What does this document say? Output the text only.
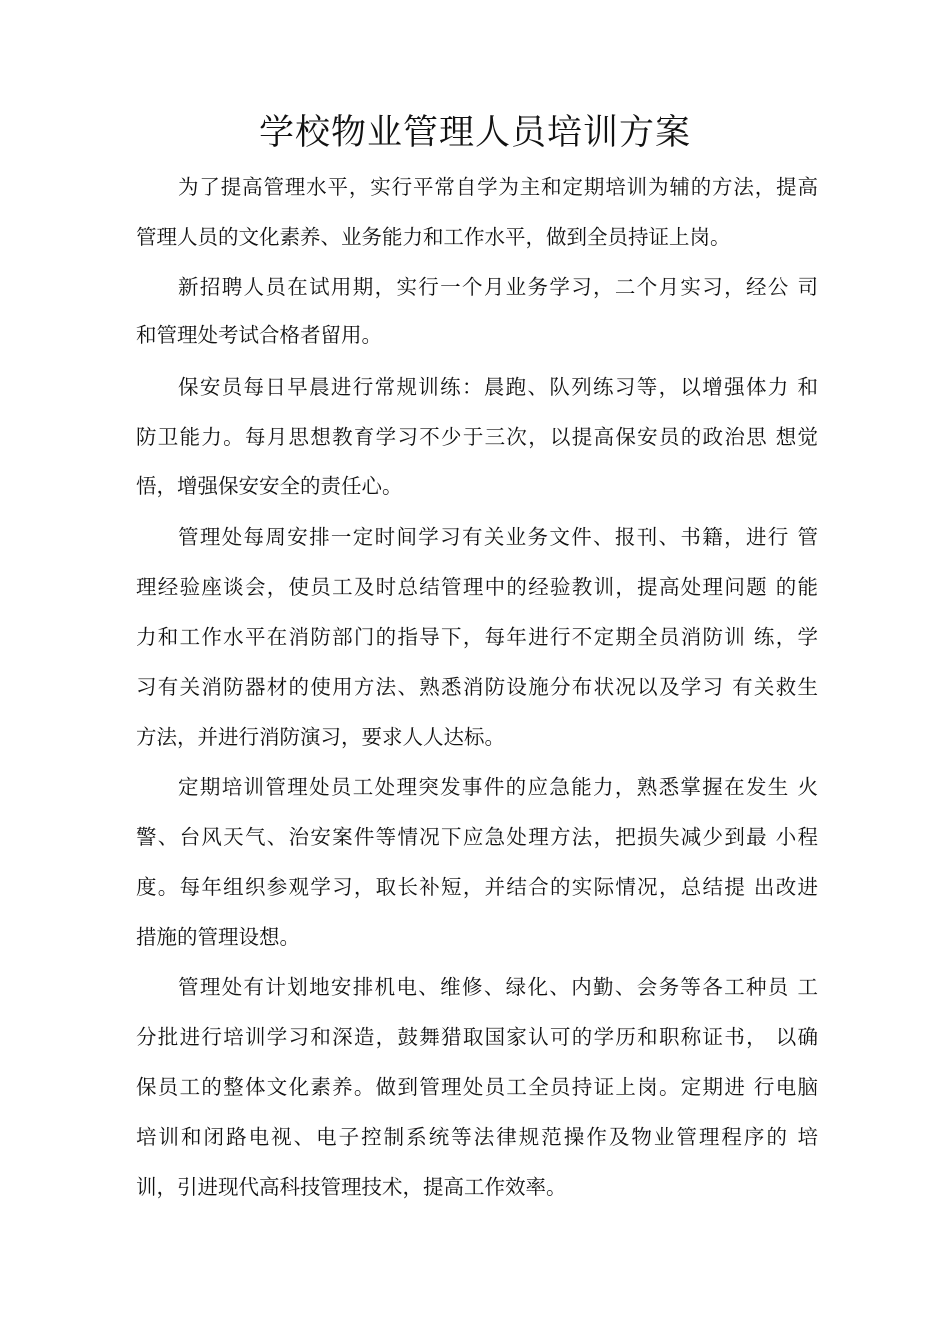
学校物业管理人员培训方案

为了提高管理水平，实行平常自学为主和定期培训为辅的方法，提高

管理人员的文化素养、业务能力和工作水平，做到全员持证上岗。

新招聘人员在试用期，实行一个月业务学习，二个月实习，经公 司

和管理处考试合格者留用。

保安员每日早晨进行常规训练：晨跑、队列练习等，以增强体力 和

防卫能力。每月思想教育学习不少于三次，以提高保安员的政治思 想觉

悟，增强保安安全的责任心。

管理处每周安排一定时间学习有关业务文件、报刊、书籍，进行 管

理经验座谈会，使员工及时总结管理中的经验教训，提高处理问题 的能

力和工作水平在消防部门的指导下，每年进行不定期全员消防训 练，学

习有关消防器材的使用方法、熟悉消防设施分布状况以及学习 有关救生

方法，并进行消防演习，要求人人达标。

定期培训管理处员工处理突发事件的应急能力，熟悉掌握在发生 火

警、台风天气、治安案件等情况下应急处理方法，把损失减少到最 小程

度。每年组织参观学习，取长补短，并结合的实际情况，总结提 出改进

措施的管理设想。

管理处有计划地安排机电、维修、绿化、内勤、会务等各工种员 工

分批进行培训学习和深造，鼓舞猎取国家认可的学历和职称证书， 以确

保员工的整体文化素养。做到管理处员工全员持证上岗。定期进 行电脑

培训和闭路电视、电子控制系统等法律规范操作及物业管理程序的 培

训，引进现代高科技管理技术，提高工作效率。
